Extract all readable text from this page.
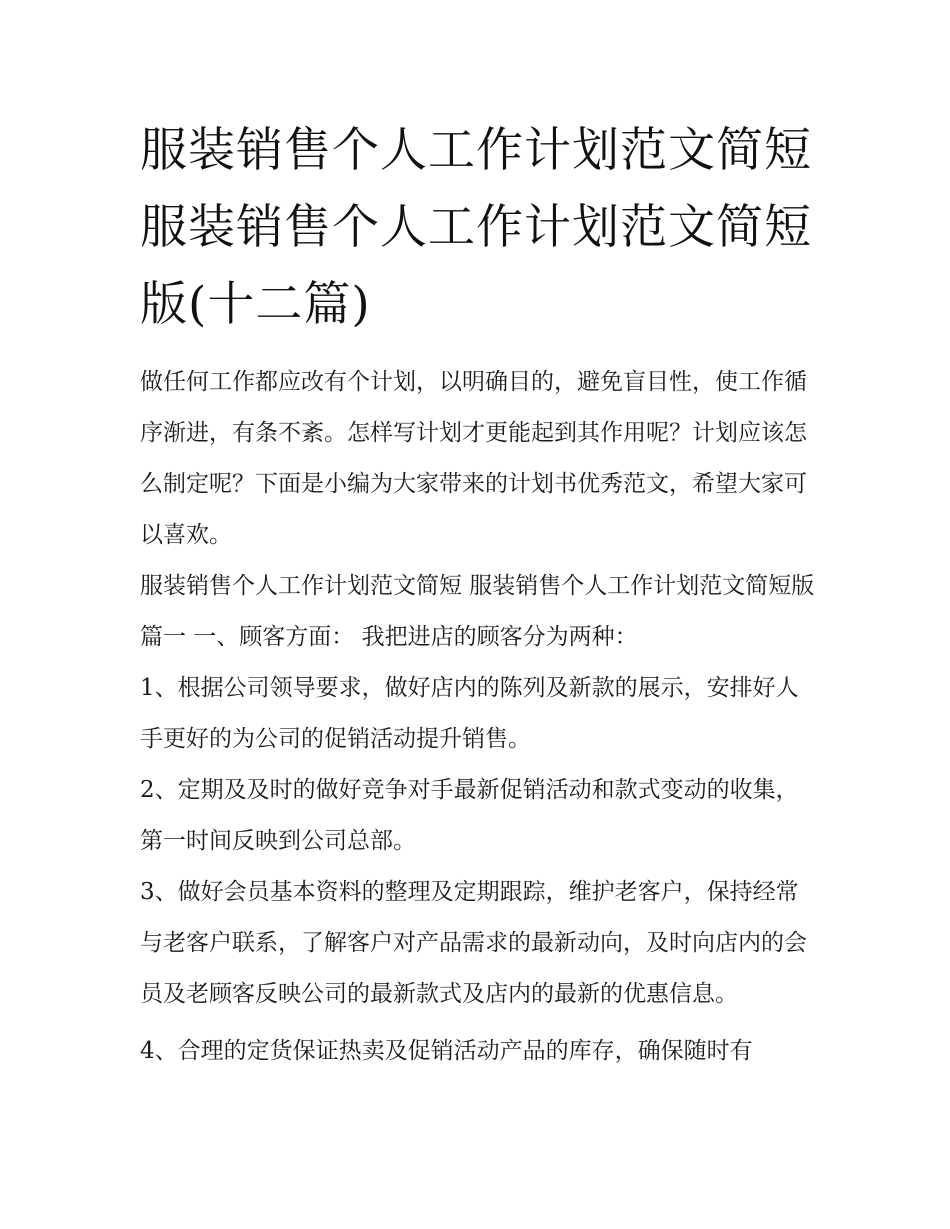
服装销售个人工作计划范文简短 服装销售个人工作计划范文简短版(十二篇)

做任何工作都应改有个计划，以明确目的，避免盲目性，使工作循序渐进，有条不紊。怎样写计划才更能起到其作用呢？计划应该怎么制定呢？下面是小编为大家带来的计划书优秀范文，希望大家可以喜欢。

服装销售个人工作计划范文简短 服装销售个人工作计划范文简短版篇一 一、顾客方面： 我把进店的顾客分为两种：

1、根据公司领导要求，做好店内的陈列及新款的展示，安排好人手更好的为公司的促销活动提升销售。

2、定期及及时的做好竞争对手最新促销活动和款式变动的收集，第一时间反映到公司总部。

3、做好会员基本资料的整理及定期跟踪，维护老客户，保持经常与老客户联系，了解客户对产品需求的最新动向，及时向店内的会员及老顾客反映公司的最新款式及店内的最新的优惠信息。

4、合理的定货保证热卖及促销活动产品的库存，确保随时有
